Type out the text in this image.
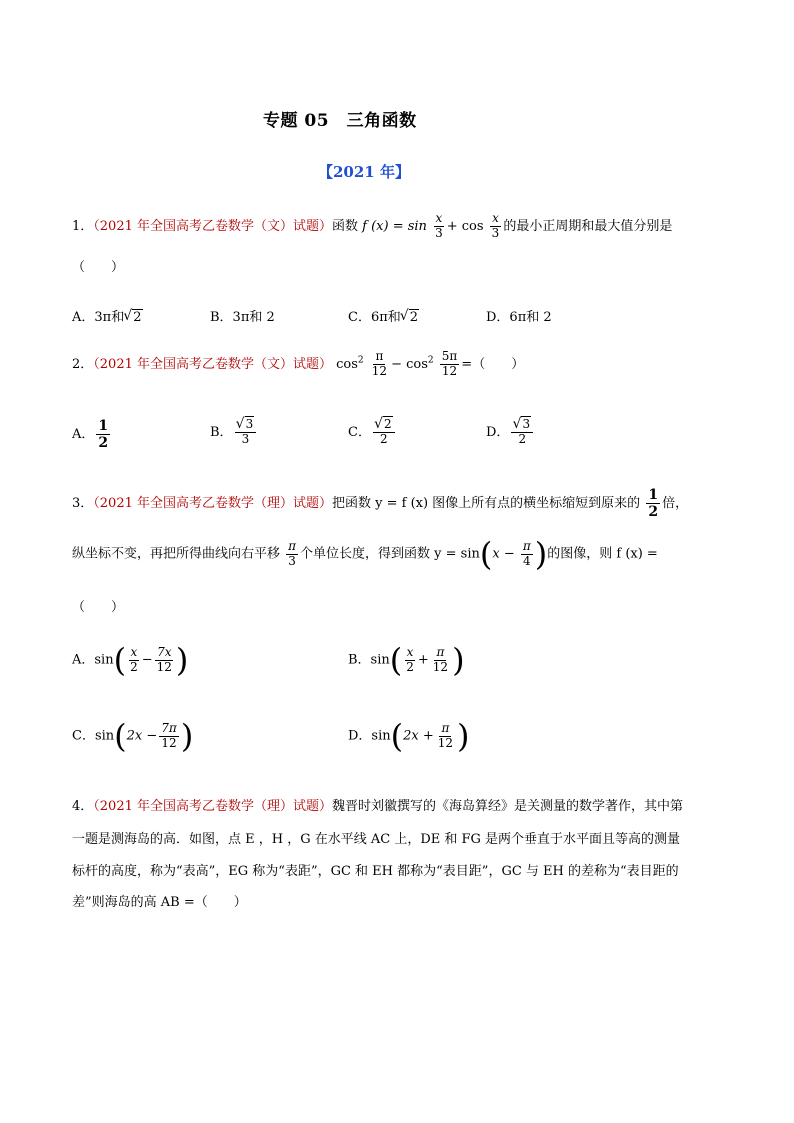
专题 05　三角函数
【2021 年】
1．（2021 年全国高考乙卷数学（文）试题）函数 f $(x) = \sin \frac{x}{3} + \cos \frac{x}{3}$ 的最小正周期和最大值分别是
（　　）
A．3π和 √ 2	B．3π和 2	C．6π和 √ 2	D．6π和 2
2．（2021 年全国高考乙卷数学（文）试题） $\cos^2 \frac{\pi}{12} - \cos^2 \frac{5\pi}{12}$ =（　　）
A． $\frac{1}{2}$	B． √ $\frac{3}{3}$	C． √ $\frac{2}{2}$	D． √ $\frac{3}{2}$
3．（2021 年全国高考乙卷数学（理）试题）把函数 y = f (x) 图像上所有点的横坐标缩短到原来的 $\frac{1}{2}$ 倍，
纵坐标不变，再把所得曲线向右平移 $\frac{\pi}{3}$ 个单位长度，得到函数 $y = \sin(x - \frac{\pi}{4}$ )的图像，则 f (x) =
（　　）
A．$\sin( \frac{x}{2} - \frac{7x}{12}$ )	B．$\sin( \frac{x}{2} + \frac{\pi}{12}$ )
C．$\sin(2x - \frac{7\pi}{12}$ )	D．$\sin(2x + \frac{\pi}{12}$ )
4．（2021 年全国高考乙卷数学（理）试题）魏晋时刘徽撰写的《海岛算经》是关测量的数学著作，其中第
一题是测海岛的高．如图，点 E ，H ，G 在水平线 AC 上，DE 和 FG 是两个垂直于水平面且等高的测量
标杆的高度，称为“表高”，EG 称为“表距”，GC 和 EH 都称为“表目距”，GC 与 EH 的差称为“表目距的
差”则海岛的高 AB =（　　）
